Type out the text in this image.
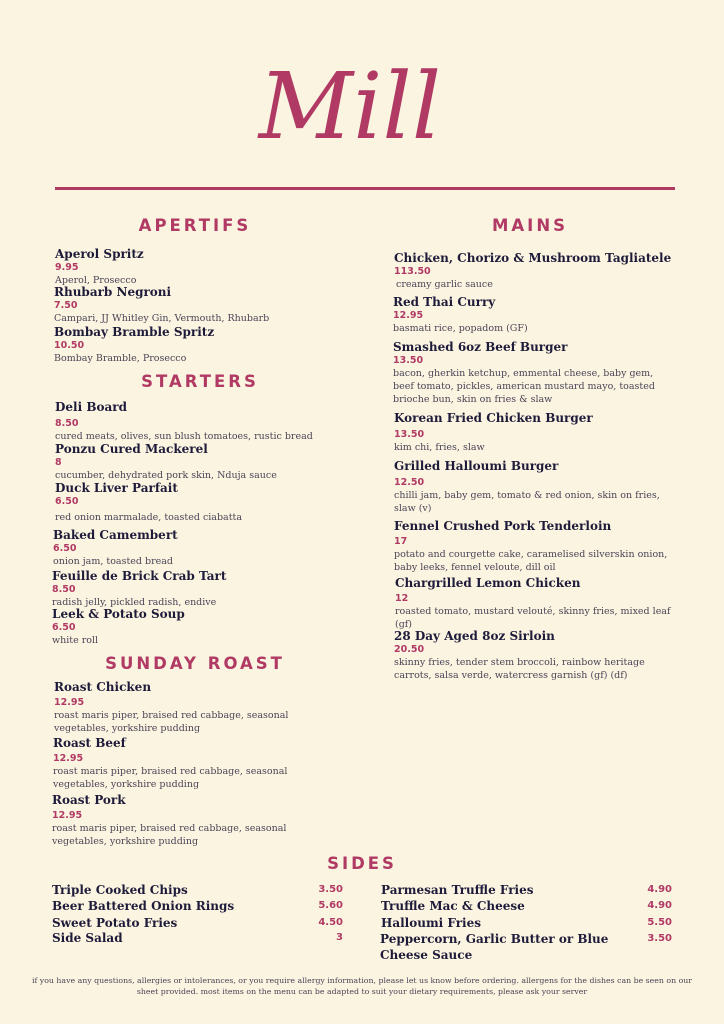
Mill
APERTIFS
Aperol Spritz
9.95
Aperol, Prosecco
Rhubarb Negroni
7.50
Campari, JJ Whitley Gin, Vermouth, Rhubarb
Bombay Bramble Spritz
10.50
Bombay Bramble, Prosecco
STARTERS
Deli Board
8.50
cured meats, olives, sun blush tomatoes, rustic bread
Ponzu Cured Mackerel
8
cucumber, dehydrated pork skin, Nduja sauce
Duck Liver Parfait
6.50
red onion marmalade, toasted ciabatta
Baked Camembert
6.50
onion jam, toasted bread
Feuille de Brick Crab Tart
8.50
radish jelly, pickled radish, endive
Leek & Potato Soup
6.50
white roll
SUNDAY ROAST
Roast Chicken
12.95
roast maris piper, braised red cabbage, seasonal vegetables, yorkshire pudding
Roast Beef
12.95
roast maris piper, braised red cabbage, seasonal vegetables, yorkshire pudding
Roast Pork
12.95
roast maris piper, braised red cabbage, seasonal vegetables, yorkshire pudding
MAINS
Chicken, Chorizo & Mushroom Tagliatele
113.50
creamy garlic sauce
Red Thai Curry
12.95
basmati rice, popadom (GF)
Smashed 6oz Beef Burger
13.50
bacon, gherkin ketchup, emmental cheese, baby gem, beef tomato, pickles, american mustard mayo, toasted brioche bun, skin on fries & slaw
Korean Fried Chicken Burger
13.50
kim chi, fries, slaw
Grilled Halloumi Burger
12.50
chilli jam, baby gem, tomato & red onion, skin on fries, slaw (v)
Fennel Crushed Pork Tenderloin
17
potato and courgette cake, caramelised silverskin onion, baby leeks, fennel veloute, dill oil
Chargrilled Lemon Chicken
12
roasted tomato, mustard velouté, skinny fries, mixed leaf (gf)
28 Day Aged 8oz Sirloin
20.50
skinny fries, tender stem broccoli, rainbow heritage carrots, salsa verde, watercress garnish (gf) (df)
SIDES
Triple Cooked Chips	3.50
Beer Battered Onion Rings	5.60
Sweet Potato Fries	4.50
Side Salad	3
Parmesan Truffle Fries	4.90
Truffle Mac & Cheese	4.90
Halloumi Fries	5.50
Peppercorn, Garlic Butter or Blue Cheese Sauce
3.50
if you have any questions, allergies or intolerances, or you require allergy information, please let us know before ordering. allergens for the dishes can be seen on our sheet provided. most items on the menu can be adapted to suit your dietary requirements, please ask your server
